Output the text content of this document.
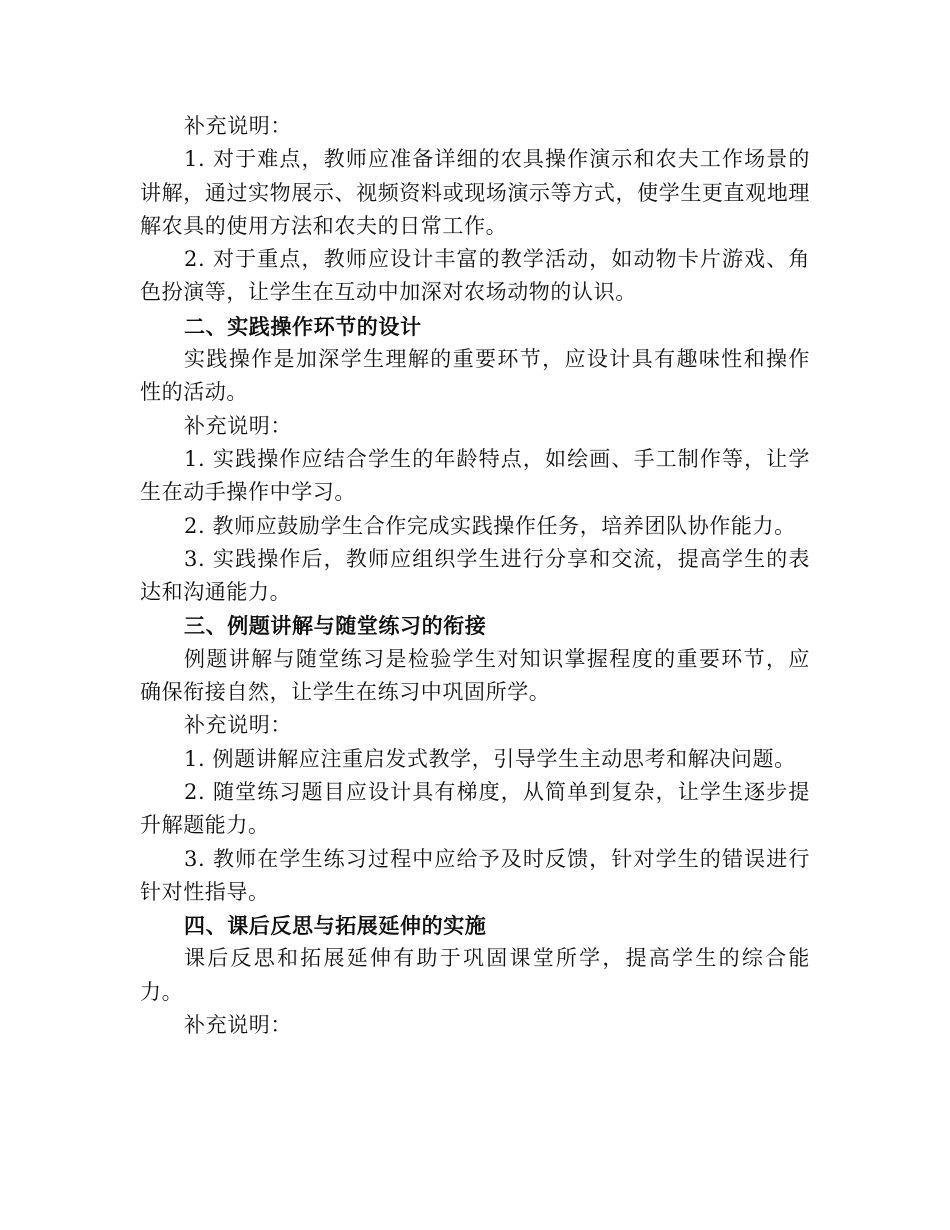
补充说明：

1. 对于难点，教师应准备详细的农具操作演示和农夫工作场景的讲解，通过实物展示、视频资料或现场演示等方式，使学生更直观地理解农具的使用方法和农夫的日常工作。

2. 对于重点，教师应设计丰富的教学活动，如动物卡片游戏、角色扮演等，让学生在互动中加深对农场动物的认识。

二、实践操作环节的设计

实践操作是加深学生理解的重要环节，应设计具有趣味性和操作性的活动。

补充说明：

1. 实践操作应结合学生的年龄特点，如绘画、手工制作等，让学生在动手操作中学习。

2. 教师应鼓励学生合作完成实践操作任务，培养团队协作能力。

3. 实践操作后，教师应组织学生进行分享和交流，提高学生的表达和沟通能力。

三、例题讲解与随堂练习的衔接

例题讲解与随堂练习是检验学生对知识掌握程度的重要环节，应确保衔接自然，让学生在练习中巩固所学。

补充说明：

1. 例题讲解应注重启发式教学，引导学生主动思考和解决问题。

2. 随堂练习题目应设计具有梯度，从简单到复杂，让学生逐步提升解题能力。

3. 教师在学生练习过程中应给予及时反馈，针对学生的错误进行针对性指导。

四、课后反思与拓展延伸的实施

课后反思和拓展延伸有助于巩固课堂所学，提高学生的综合能力。

补充说明：
